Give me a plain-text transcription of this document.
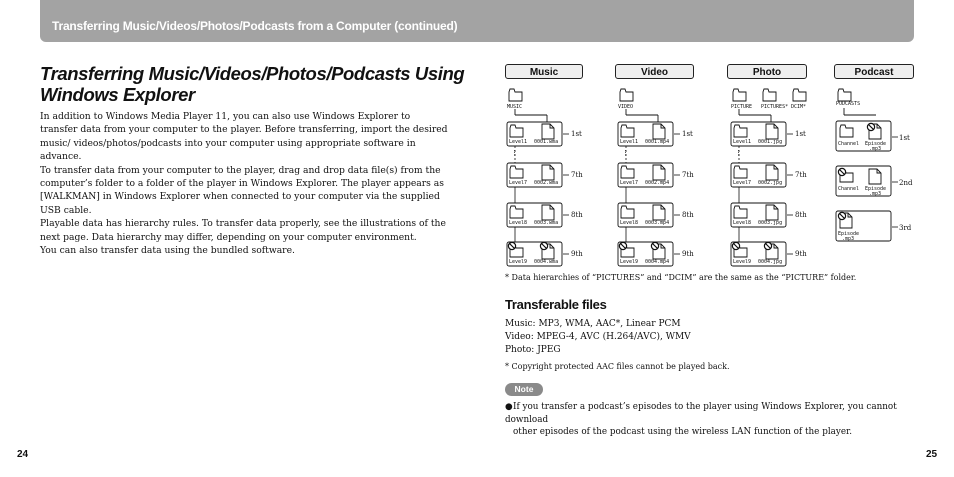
Transferring Music/Videos/Photos/Podcasts from a Computer (continued)
Transferring Music/Videos/Photos/Podcasts Using Windows Explorer

In addition to Windows Media Player 11, you can also use Windows Explorer to transfer data from your computer to the player. Before transferring, import the desired music/ videos/photos/podcasts into your computer using appropriate software in advance.

To transfer data from your computer to the player, drag and drop data file(s) from the computer’s folder to a folder of the player in Windows Explorer. The player appears as [WALKMAN] in Windows Explorer when connected to your computer via the supplied USB cable.

Playable data has hierarchy rules. To transfer data properly, see the illustrations of the next page. Data hierarchy may differ, depending on your computer environment.

You can also transfer data using the bundled software.

24	25
Music	Video	Photo	Podcast
MUSIC
Level1 0001.wma
1st
Level7 0002.wma
7th
Level8 0003.wma
8th
Level9 0004.wma
9th
⋮
VIDEO
Level1 0001.mp4
1st
Level7 0002.mp4
7th
Level8 0003.mp4
8th
Level9 0004.mp4
9th
⋮
PICTURE PICTURES* DCIM*
Level1 0001.jpg
1st
Level7 0002.jpg
7th
Level8 0003.jpg
8th
Level9 0004.jpg
9th
⋮
PODCASTS
Channel Episode
.mp3
1st
Channel Episode
.mp3
2nd
Episode
.mp3
3rd
* Data hierarchies of “PICTURES” and “DCIM” are the same as the “PICTURE” folder.
Transferable files

Music: MP3, WMA, AAC*, Linear PCM

Video: MPEG-4, AVC (H.264/AVC), WMV

Photo: JPEG

* Copyright protected AAC files cannot be played back.

Note
●If you transfer a podcast’s episodes to the player using Windows Explorer, you cannot download
other episodes of the podcast using the wireless LAN function of the player.
